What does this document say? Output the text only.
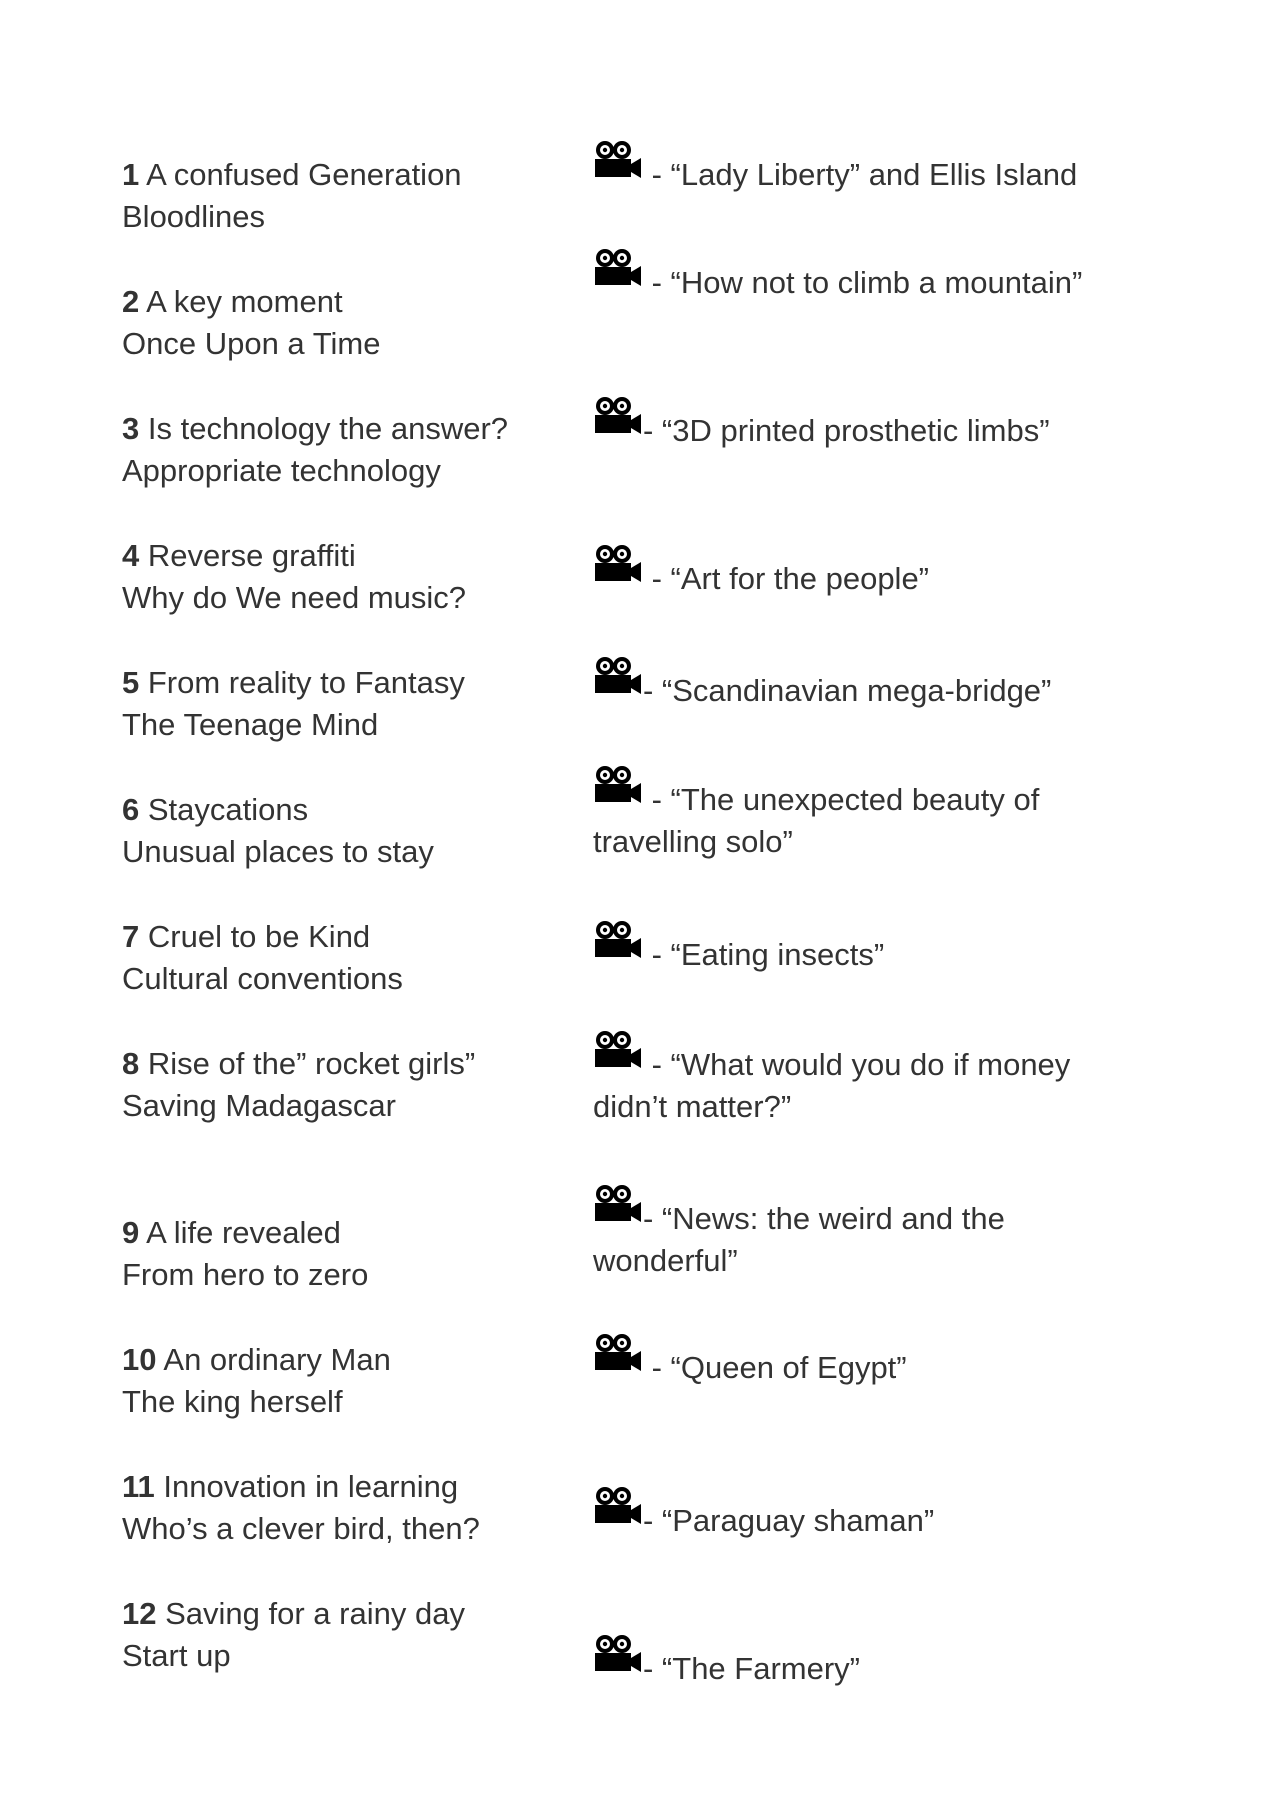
1 A confused Generation
Bloodlines
2 A key moment
Once Upon a Time
3 Is technology the answer?
Appropriate technology
4 Reverse graffiti
Why do We need music?
5 From reality to Fantasy
The Teenage Mind
6 Staycations
Unusual places to stay
7 Cruel to be Kind
Cultural conventions
8 Rise of the” rocket girls”
Saving Madagascar
9 A life revealed
From hero to zero
10 An ordinary Man
The king herself
11 Innovation in learning
Who’s a clever bird, then?
12 Saving for a rainy day
Start up
- “Lady Liberty” and Ellis Island
- “How not to climb a mountain”
- “3D printed prosthetic limbs”
- “Art for the people”
- “Scandinavian mega-bridge”
- “The unexpected beauty of
travelling solo”
- “Eating insects”
- “What would you do if money
didn’t matter?”
- “News: the weird and the
wonderful”
- “Queen of Egypt”
- “Paraguay shaman”
- “The Farmery”
